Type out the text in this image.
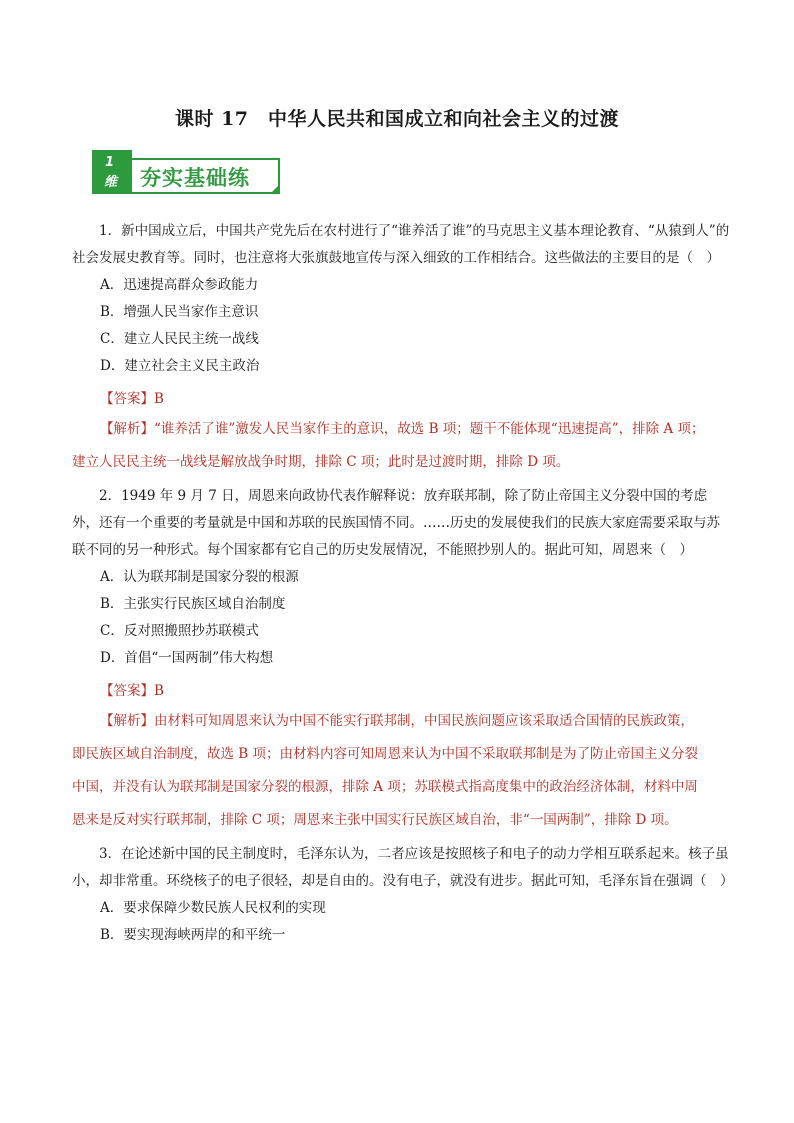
课时 17　中华人民共和国成立和向社会主义的过渡
1
维 夯实基础练

1．新中国成立后，中国共产党先后在农村进行了“谁养活了谁”的马克思主义基本理论教育、“从猿到人”的社会发展史教育等。同时，也注意将大张旗鼓地宣传与深入细致的工作相结合。这些做法的主要目的是（　）

A．迅速提高群众参政能力

B．增强人民当家作主意识

C．建立人民民主统一战线

D．建立社会主义民主政治

【答案】B

【解析】“谁养活了谁”激发人民当家作主的意识，故选 B 项；题干不能体现“迅速提高”，排除 A 项；

建立人民民主统一战线是解放战争时期，排除 C 项；此时是过渡时期，排除 D 项。

2．1949 年 9 月 7 日，周恩来向政协代表作解释说：放弃联邦制，除了防止帝国主义分裂中国的考虑外，还有一个重要的考量就是中国和苏联的民族国情不同。……历史的发展使我们的民族大家庭需要采取与苏联不同的另一种形式。每个国家都有它自己的历史发展情况，不能照抄别人的。据此可知，周恩来（　）

A．认为联邦制是国家分裂的根源

B．主张实行民族区域自治制度

C．反对照搬照抄苏联模式

D．首倡“一国两制”伟大构想

【答案】B

【解析】由材料可知周恩来认为中国不能实行联邦制，中国民族问题应该采取适合国情的民族政策，

即民族区域自治制度，故选 B 项；由材料内容可知周恩来认为中国不采取联邦制是为了防止帝国主义分裂

中国，并没有认为联邦制是国家分裂的根源，排除 A 项；苏联模式指高度集中的政治经济体制，材料中周

恩来是反对实行联邦制，排除 C 项；周恩来主张中国实行民族区域自治，非“一国两制”，排除 D 项。

3．在论述新中国的民主制度时，毛泽东认为，二者应该是按照核子和电子的动力学相互联系起来。核子虽小，却非常重。环绕核子的电子很轻，却是自由的。没有电子，就没有进步。据此可知，毛泽东旨在强调（　）

A．要求保障少数民族人民权利的实现

B．要实现海峡两岸的和平统一
